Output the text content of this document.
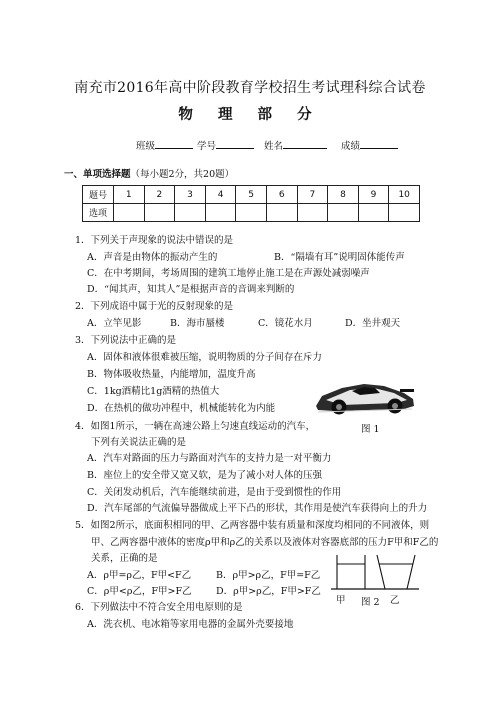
南充市2016年高中阶段教育学校招生考试理科综合试卷
物 理 部 分
班级	学号	姓名	成绩
一、单项选择题（每小题2分，共20题）
题号	1	2	3	4	5	6	7	8	9	10
选项										
1．下列关于声现象的说法中错误的是
A．声音是由物体的振动产生的	B．“隔墙有耳”说明固体能传声
C．在中考期间，考场周围的建筑工地停止施工是在声源处减弱噪声
D．“闻其声，知其人”是根据声音的音调来判断的
2．下列成语中属于光的反射现象的是
A．立竿见影	B．海市蜃楼	C．镜花水月	D．坐井观天
3．下列说法中正确的是
A．固体和液体很难被压缩，说明物质的分子间存在斥力
B．物体吸收热量，内能增加，温度升高
C．1kg酒精比1g酒精的热值大
D．在热机的做功冲程中，机械能转化为内能
图 1
4．如图1所示，一辆在高速公路上匀速直线运动的汽车，
下列有关说法正确的是
A．汽车对路面的压力与路面对汽车的支持力是一对平衡力
B．座位上的安全带又宽又软，是为了减小对人体的压强
C．关闭发动机后，汽车能继续前进，是由于受到惯性的作用
D．汽车尾部的气流偏导器做成上平下凸的形状，其作用是使汽车获得向上的升力
5．如图2所示，底面积相同的甲、乙两容器中装有质量和深度均相同的不同液体，则
甲、乙两容器中液体的密度ρ甲和ρ乙的关系以及液体对容器底部的压力F甲和F乙的
关系，正确的是
A．ρ甲=ρ乙，F甲<F乙	B．ρ甲>ρ乙，F甲=F乙
C．ρ甲<ρ乙，F甲>F乙	D．ρ甲>ρ乙，F甲>F乙
甲 图 2 乙
6．下列做法中不符合安全用电原则的是
A．洗衣机、电冰箱等家用电器的金属外壳要接地
